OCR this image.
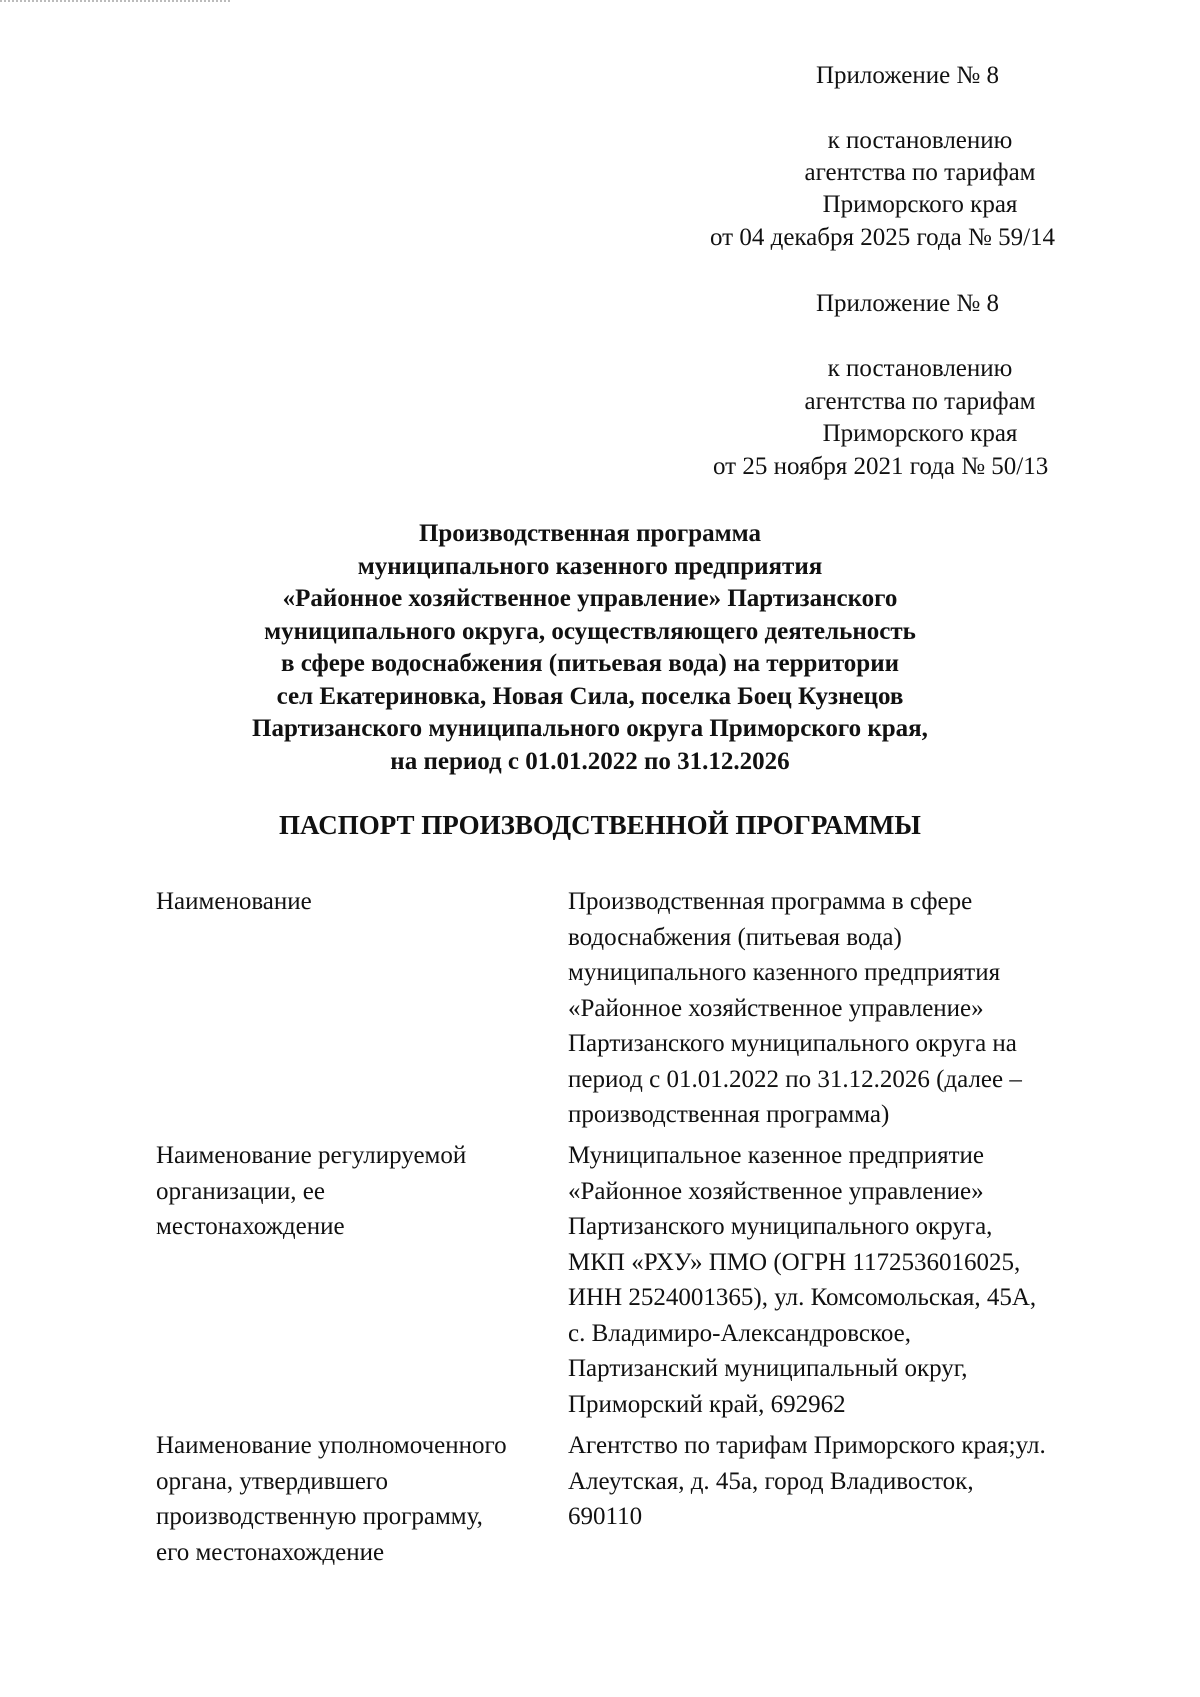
Приложение № 8
к постановлению
агентства по тарифам
Приморского края
от 04 декабря 2025 года № 59/14
Приложение № 8
к постановлению
агентства по тарифам
Приморского края
от 25 ноября 2021 года № 50/13
Производственная программа
муниципального казенного предприятия
«Районное хозяйственное управление» Партизанского
муниципального округа, осуществляющего деятельность
в сфере водоснабжения (питьевая вода) на территории
сел Екатериновка, Новая Сила, поселка Боец Кузнецов
Партизанского муниципального округа Приморского края,
на период с 01.01.2022 по 31.12.2026
ПАСПОРТ ПРОИЗВОДСТВЕННОЙ ПРОГРАММЫ
Наименование	Производственная программа в сфере
водоснабжения (питьевая вода)
муниципального казенного предприятия
«Районное хозяйственное управление»
Партизанского муниципального округа на
период с 01.01.2022 по 31.12.2026 (далее –
производственная программа)
Наименование регулируемой
организации, ее
местонахождение
Муниципальное казенное предприятие
«Районное хозяйственное управление»
Партизанского муниципального округа,
МКП «РХУ» ПМО (ОГРН 1172536016025,
ИНН 2524001365), ул. Комсомольская, 45А,
с. Владимиро-Александровское,
Партизанский муниципальный округ,
Приморский край, 692962
Наименование уполномоченного
органа, утвердившего
производственную программу,
его местонахождение
Агентство по тарифам Приморского края;ул.
Алеутская, д. 45а, город Владивосток,
690110
